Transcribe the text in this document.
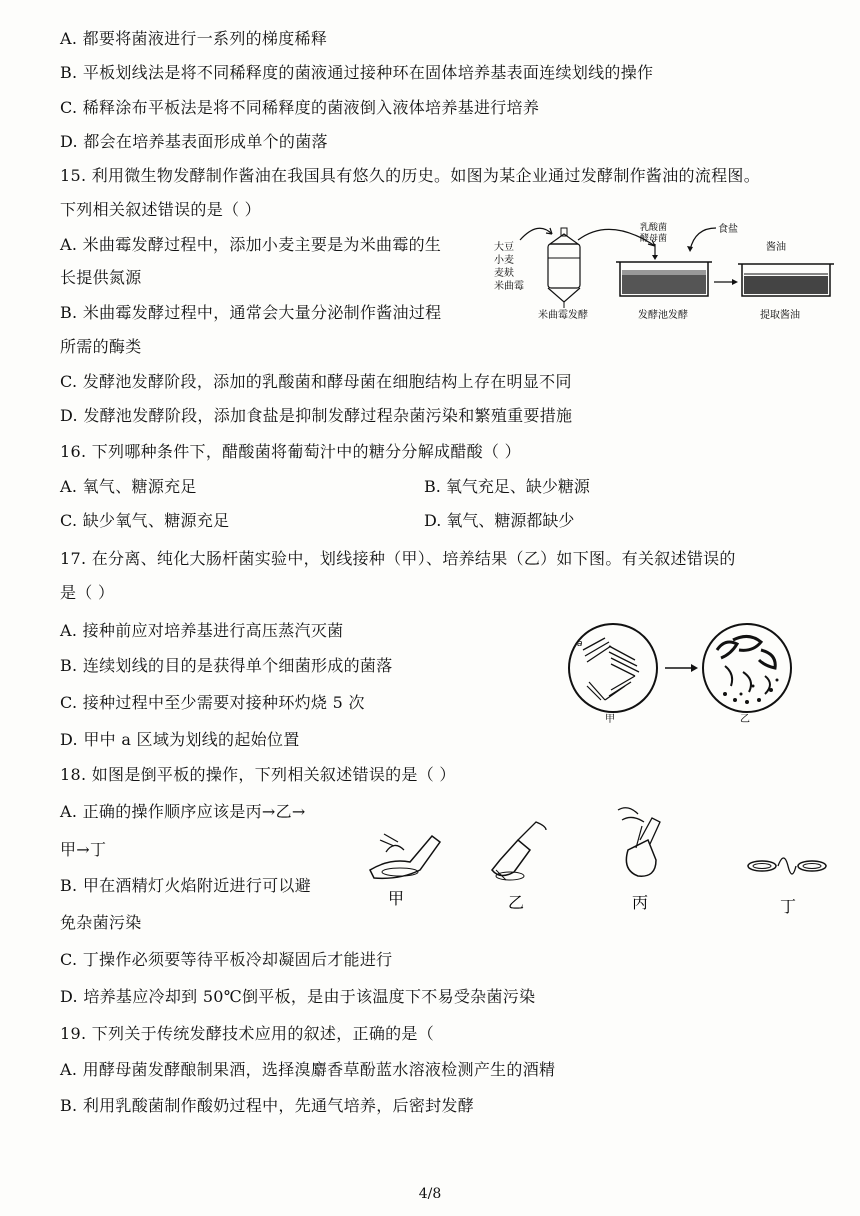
A. 都要将菌液进行一系列的梯度稀释
B. 平板划线法是将不同稀释度的菌液通过接种环在固体培养基表面连续划线的操作
C. 稀释涂布平板法是将不同稀释度的菌液倒入液体培养基进行培养
D. 都会在培养基表面形成单个的菌落
15. 利用微生物发酵制作酱油在我国具有悠久的历史。如图为某企业通过发酵制作酱油的流程图。
下列相关叙述错误的是（ ）
A. 米曲霉发酵过程中，添加小麦主要是为米曲霉的生
长提供氮源
B. 米曲霉发酵过程中，通常会大量分泌制作酱油过程
所需的酶类
C. 发酵池发酵阶段，添加的乳酸菌和酵母菌在细胞结构上存在明显不同
D. 发酵池发酵阶段，添加食盐是抑制发酵过程杂菌污染和繁殖重要措施
大豆
小麦
麦麸
米曲霉
乳酸菌
酵母菌
食盐
酱油
米曲霉发酵	发酵池发酵	提取酱油
16. 下列哪种条件下，醋酸菌将葡萄汁中的糖分分解成醋酸（ ）
A. 氧气、糖源充足	B. 氧气充足、缺少糖源
C. 缺少氧气、糖源充足	D. 氧气、糖源都缺少
17. 在分离、纯化大肠杆菌实验中，划线接种（甲）、培养结果（乙）如下图。有关叙述错误的
是（ ）
A. 接种前应对培养基进行高压蒸汽灭菌
B. 连续划线的目的是获得单个细菌形成的菌落
C. 接种过程中至少需要对接种环灼烧 5 次
D. 甲中 a 区域为划线的起始位置
a
甲	乙
18. 如图是倒平板的操作，下列相关叙述错误的是（ ）
A. 正确的操作顺序应该是丙→乙→
甲→丁
B. 甲在酒精灯火焰附近进行可以避
免杂菌污染
C. 丁操作必须要等待平板冷却凝固后才能进行
D. 培养基应冷却到 50℃倒平板，是由于该温度下不易受杂菌污染
甲	乙	丙	丁
19. 下列关于传统发酵技术应用的叙述，正确的是（
A. 用酵母菌发酵酿制果酒，选择溴麝香草酚蓝水溶液检测产生的酒精
B. 利用乳酸菌制作酸奶过程中，先通气培养，后密封发酵
4/8
